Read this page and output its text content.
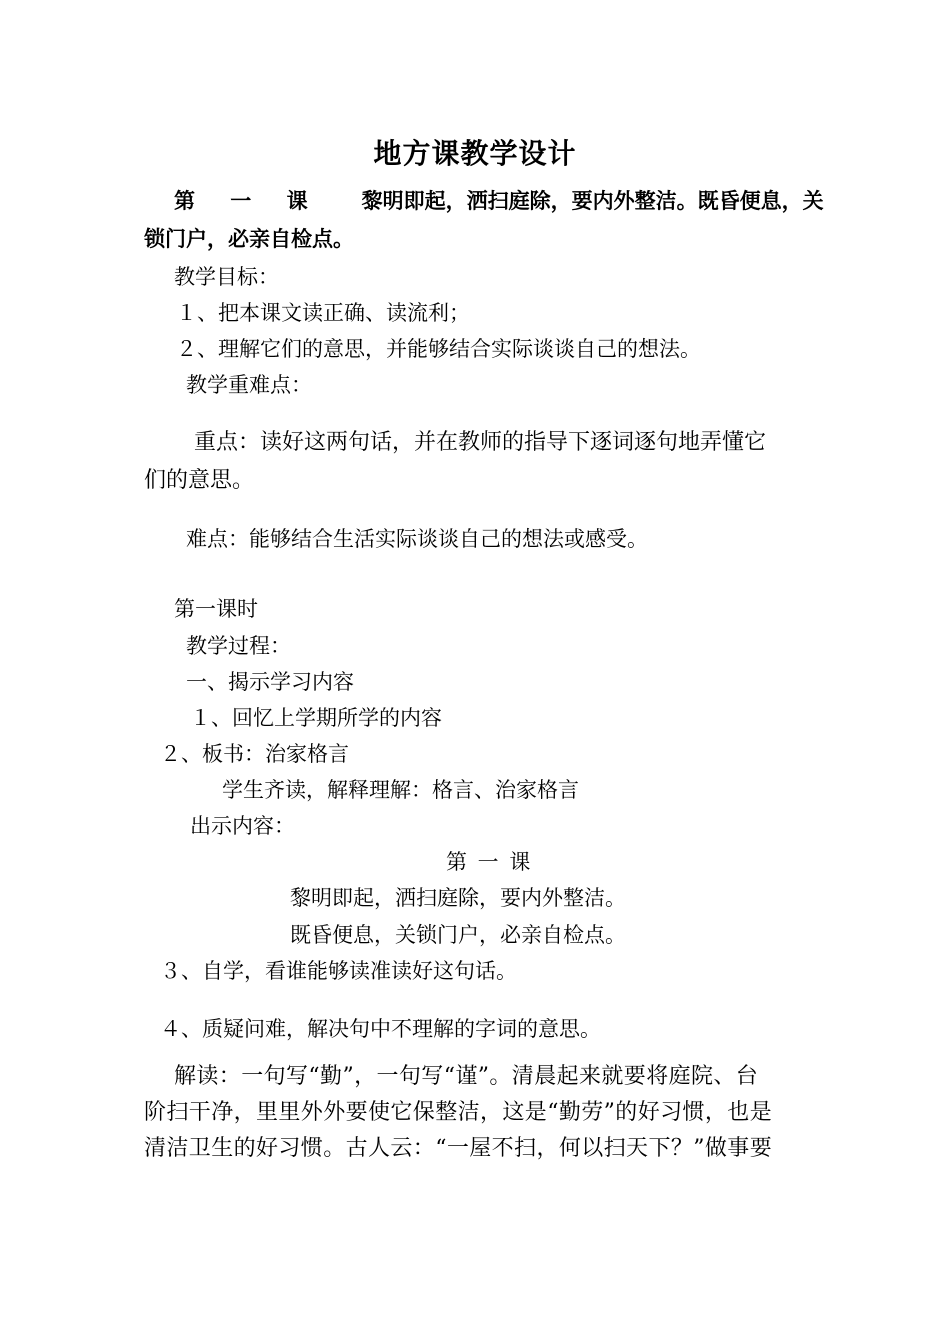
地方课教学设计
第 一 课 黎明即起，洒扫庭除，要内外整洁。既昏便息，关
锁门户，必亲自检点。
教学目标：
１、把本课文读正确、读流利；
２、理解它们的意思，并能够结合实际谈谈自己的想法。
教学重难点：
重点：读好这两句话，并在教师的指导下逐词逐句地弄懂它
们的意思。
难点：能够结合生活实际谈谈自己的想法或感受。
第一课时
教学过程：
一、揭示学习内容
１、回忆上学期所学的内容
２、板书：治家格言
学生齐读，解释理解：格言、治家格言
出示内容：
第 一 课
黎明即起，洒扫庭除，要内外整洁。
既昏便息，关锁门户，必亲自检点。
３、自学，看谁能够读准读好这句话。
４、质疑问难，解决句中不理解的字词的意思。
解读：一句写“勤”，一句写“谨”。清晨起来就要将庭院、台
阶扫干净，里里外外要使它保整洁，这是“勤劳”的好习惯，也是
清洁卫生的好习惯。古人云：“一屋不扫，何以扫天下？”做事要
